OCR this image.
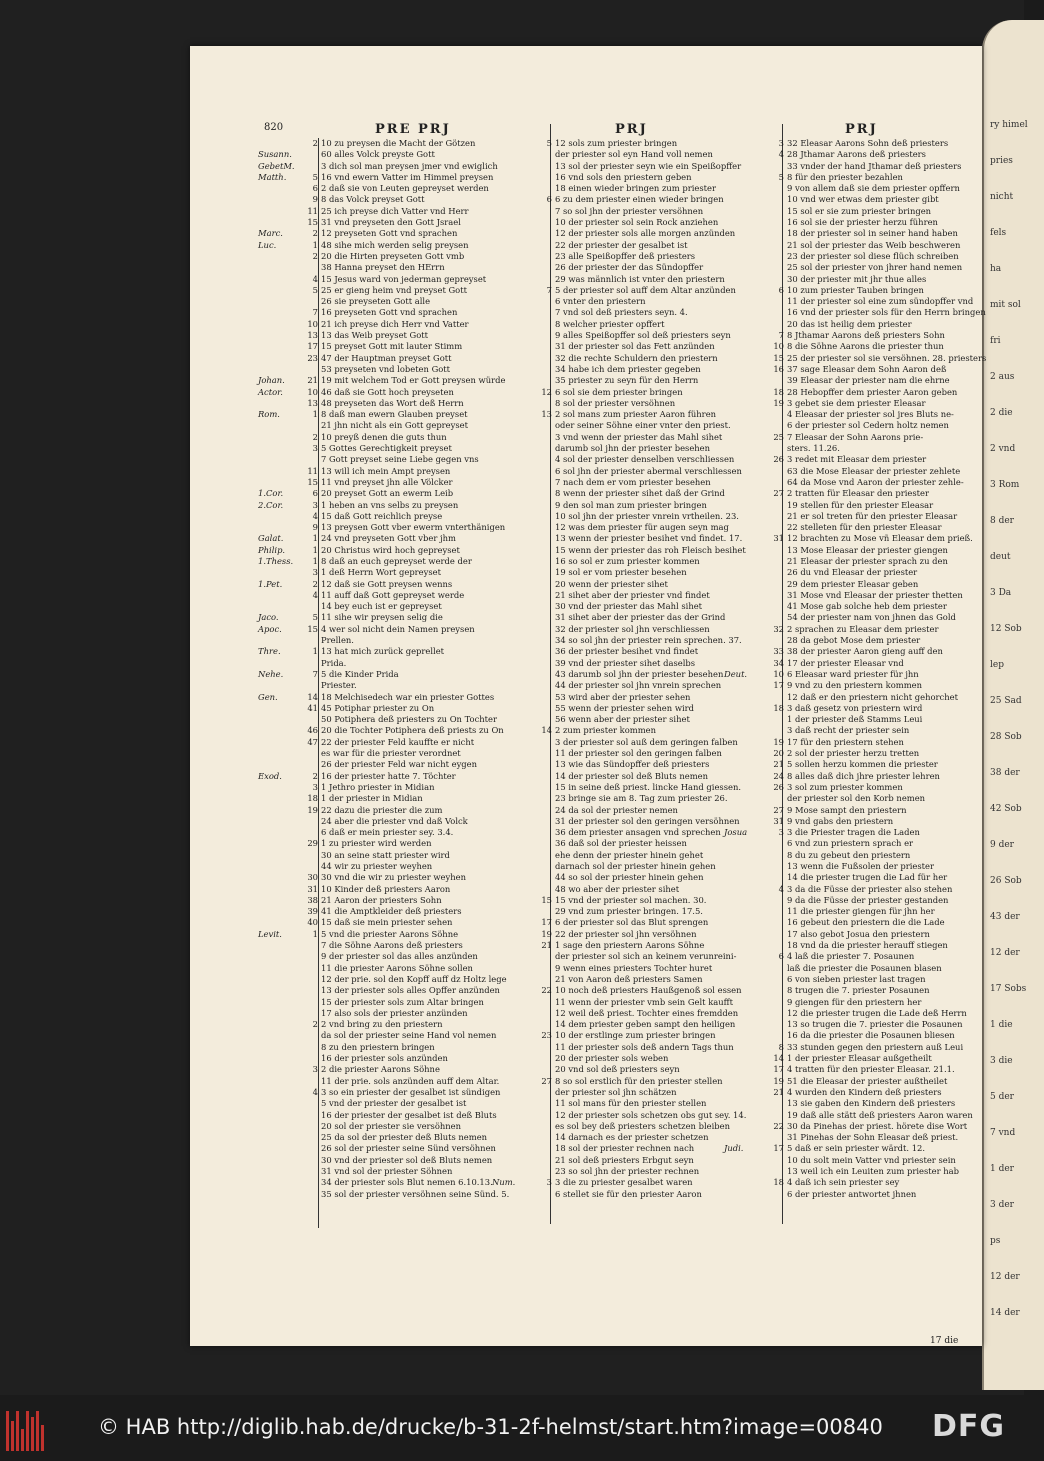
ry himel
pries
nicht
fels
ha
mit sol
fri
2 aus
2 die
2 vnd
3 Rom
8 der
deut
3 Da
12 Sob
lep
25 Sad
28 Sob
38 der
42 Sob
9 der
26 Sob
43 der
12 der
17 Sobs
1 die
3 die
5 der
7 vnd
1 der
3 der
ps
12 der
14 der
820	PRE PRJ	PRJ	PRJ
2 10 zu preysen die Macht der Götzen
Susann.	60 alles Volck preyste Gott
GebetM.	3 dich sol man preysen jmer vnd ewiglich
Matth.	5 16 vnd ewern Vatter im Himmel preysen
6 2 daß sie von Leuten gepreyset werden
9 8 das Volck preyset Gott
11 25 ich preyse dich Vatter vnd Herr
15 31 vnd preyseten den Gott Jsrael
Marc.	2 12 preyseten Gott vnd sprachen
Luc.	1 48 sihe mich werden selig preysen
2 20 die Hirten preyseten Gott vmb
38 Hanna preyset den HErrn
4 15 Jesus ward von jederman gepreyset
5 25 er gieng heim vnd preyset Gott
26 sie preyseten Gott alle
7 16 preyseten Gott vnd sprachen
10 21 ich preyse dich Herr vnd Vatter
13 13 das Weib preyset Gott
17 15 preyset Gott mit lauter Stimm
23 47 der Hauptman preyset Gott
53 preyseten vnd lobeten Gott
Johan.	21 19 mit welchem Tod er Gott preysen würde
Actor.	10 46 daß sie Gott hoch preyseten
13 48 preyseten das Wort deß Herrn
Rom.	1 8 daß man ewern Glauben preyset
21 jhn nicht als ein Gott gepreyset
2 10 preyß denen die guts thun
3 5 Gottes Gerechtigkeit preyset
7 Gott preyset seine Liebe gegen vns
11 13 will ich mein Ampt preysen
15 11 vnd preyset jhn alle Völcker
1.Cor.	6 20 preyset Gott an ewerm Leib
2.Cor.	3 1 heben an vns selbs zu preysen
4 15 daß Gott reichlich preyse
9 13 preysen Gott vber ewerm vnterthänigen
Galat.	1 24 vnd preyseten Gott vber jhm
Philip.	1 20 Christus wird hoch gepreyset
1.Thess.	1 8 daß an euch gepreyset werde der
3 1 deß Herrn Wort gepreyset
1.Pet.	2 12 daß sie Gott preysen wenns
4 11 auff daß Gott gepreyset werde
14 bey euch ist er gepreyset
Jaco.	5 11 sihe wir preysen selig die
Apoc.	15 4 wer sol nicht dein Namen preysen
Prellen.
Thre.	1 13 hat mich zurück geprellet
Prida.
Nehe.	7 5 die Kinder Prida
Priester.
Gen.	14 18 Melchisedech war ein priester Gottes
41 45 Potiphar priester zu On
50 Potiphera deß priesters zu On Tochter
46 20 die Tochter Potiphera deß priests zu On
47 22 der priester Feld kauffte er nicht
es war für die priester verordnet
26 der priester Feld war nicht eygen
Exod.	2 16 der priester hatte 7. Töchter
3 1 Jethro priester in Midian
18 1 der priester in Midian
19 22 dazu die priester die zum
24 aber die priester vnd daß Volck
6 daß er mein priester sey. 3.4.
29 1 zu priester wird werden
30 an seine statt priester wird
44 wir zu priester weyhen
30 30 vnd die wir zu priester weyhen
31 10 Kinder deß priesters Aaron
38 21 Aaron der priesters Sohn
39 41 die Amptkleider deß priesters
40 15 daß sie mein priester sehen
Levit.	1 5 vnd die priester Aarons Söhne
7 die Söhne Aarons deß priesters
9 der priester sol das alles anzünden
11 die priester Aarons Söhne sollen
12 der prie. sol den Kopff auff dz Holtz lege
13 der priester sols alles Opffer anzünden
15 der priester sols zum Altar bringen
17 also sols der priester anzünden
2 2 vnd bring zu den priestern
da sol der priester seine Hand vol nemen
8 zu den priestern bringen
16 der priester sols anzünden
3 2 die priester Aarons Söhne
11 der prie. sols anzünden auff dem Altar.
4 3 so ein priester der gesalbet ist sündigen
5 vnd der priester der gesalbet ist
16 der priester der gesalbet ist deß Bluts
20 sol der priester sie versöhnen
25 da sol der priester deß Bluts nemen
26 sol der priester seine Sünd versöhnen
30 vnd der priester sol deß Bluts nemen
31 vnd sol der priester Söhnen
34 der priester sols Blut nemen 6.10.13.
35 sol der priester versöhnen seine Sünd. 5.
5 12 sols zum priester bringen
der priester sol eyn Hand voll nemen
13 sol der priester seyn wie ein Speißopffer
16 vnd sols den priestern geben
18 einen wieder bringen zum priester
6 6 zu dem priester einen wieder bringen
7 so sol jhn der priester versöhnen
10 der priester sol sein Rock anziehen
12 der priester sols alle morgen anzünden
22 der priester der gesalbet ist
23 alle Speißopffer deß priesters
26 der priester der das Sündopffer
29 was männlich ist vnter den priestern
7 5 der priester sol auff dem Altar anzünden
6 vnter den priestern
7 vnd sol deß priesters seyn. 4.
8 welcher priester opffert
9 alles Speißopffer sol deß priesters seyn
31 der priester sol das Fett anzünden
32 die rechte Schuldern den priestern
34 habe ich dem priester gegeben
35 priester zu seyn für den Herrn
12 6 sol sie dem priester bringen
8 sol der priester versöhnen
13 2 sol mans zum priester Aaron führen
oder seiner Söhne einer vnter den priest.
3 vnd wenn der priester das Mahl sihet
darumb sol jhn der priester besehen
4 sol der priester denselben verschliessen
6 sol jhn der priester abermal verschliessen
7 nach dem er vom priester besehen
8 wenn der priester sihet daß der Grind
9 den sol man zum priester bringen
10 sol jhn der priester vnrein vrtheilen. 23.
12 was dem priester für augen seyn mag
13 wenn der priester besihet vnd findet. 17.
15 wenn der priester das roh Fleisch besihet
16 so sol er zum priester kommen
19 sol er vom priester besehen
20 wenn der priester sihet
21 sihet aber der priester vnd findet
30 vnd der priester das Mahl sihet
31 sihet aber der priester das der Grind
32 der priester sol jhn verschliessen
34 so sol jhn der priester rein sprechen. 37.
36 der priester besihet vnd findet
39 vnd der priester sihet daselbs
43 darumb sol jhn der priester besehen
44 der priester sol jhn vnrein sprechen
53 wird aber der priester sehen
55 wenn der priester sehen wird
56 wenn aber der priester sihet
14 2 zum priester kommen
3 der priester sol auß dem geringen falben
11 der priester sol den geringen falben
13 wie das Sündopffer deß priesters
14 der priester sol deß Bluts nemen
15 in seine deß priest. lincke Hand giessen.
23 bringe sie am 8. Tag zum priester 26.
24 da sol der priester nemen
31 der priester sol den geringen versöhnen
36 dem priester ansagen vnd sprechen
36 daß sol der priester heissen
ehe denn der priester hinein gehet
darnach sol der priester hinein gehen
44 so sol der priester hinein gehen
48 wo aber der priester sihet
15 15 vnd der priester sol machen. 30.
29 vnd zum priester bringen. 17.5.
17 6 der priester sol das Blut sprengen
19 22 der priester sol jhn versöhnen
21 1 sage den priestern Aarons Söhne
der priester sol sich an keinem verunreini-
9 wenn eines priesters Tochter huret
21 von Aaron deß priesters Samen
22 10 noch deß priesters Haußgenoß sol essen
11 wenn der priester vmb sein Gelt kaufft
12 weil deß priest. Tochter eines fremdden
14 dem priester geben sampt den heiligen
23 10 der erstlinge zum priester bringen
11 der priester sols deß andern Tags thun
20 der priester sols weben
20 vnd sol deß priesters seyn
27 8 so sol erstlich für den priester stellen
der priester sol jhn schätzen
11 sol mans für den priester stellen
12 der priester sols schetzen obs gut sey. 14.
es sol bey deß priesters schetzen bleiben
14 darnach es der priester schetzen
18 sol der priester rechnen nach
21 sol deß priesters Erbgut seyn
23 so sol jhn der priester rechnen
Num.	3 3 die zu priester gesalbet waren
6 stellet sie für den priester Aaron
3 32 Eleasar Aarons Sohn deß priesters
4 28 Jthamar Aarons deß priesters
33 vnder der hand Jthamar deß priesters
5 8 für den priester bezahlen
9 von allem daß sie dem priester opffern
10 vnd wer etwas dem priester gibt
15 sol er sie zum priester bringen
16 sol sie der priester herzu führen
18 der priester sol in seiner hand haben
21 sol der priester das Weib beschweren
23 der priester sol diese flüch schreiben
25 sol der priester von jhrer hand nemen
30 der priester mit jhr thue alles
6 10 zum priester Tauben bringen
11 der priester sol eine zum sündopffer vnd
16 vnd der priester sols für den Herrn bringen
20 das ist heilig dem priester
7 8 Jthamar Aarons deß priesters Sohn
10 8 die Söhne Aarons die priester thun
15 25 der priester sol sie versöhnen. 28. priesters
16 37 sage Eleasar dem Sohn Aaron deß
39 Eleasar der priester nam die ehrne
18 28 Hebopffer dem priester Aaron geben
19 3 gebet sie dem priester Eleasar
4 Eleasar der priester sol jres Bluts ne-
6 der priester sol Cedern holtz nemen
25 7 Eleasar der Sohn Aarons prie-
sters. 11.26.
26 3 redet mit Eleasar dem priester
63 die Mose Eleasar der priester zehlete
64 da Mose vnd Aaron der priester zehle-
27 2 tratten für Eleasar den priester
19 stellen für den priester Eleasar
21 er sol treten für den priester Eleasar
22 stelleten für den priester Eleasar
31 12 brachten zu Mose vñ Eleasar dem prieß.
13 Mose Eleasar der priester giengen
21 Eleasar der priester sprach zu den
26 du vnd Eleasar der priester
29 dem priester Eleasar geben
31 Mose vnd Eleasar der priester thetten
41 Mose gab solche heb dem priester
54 der priester nam von jhnen das Gold
32 2 sprachen zu Eleasar dem priester
28 da gebot Mose dem priester
33 38 der priester Aaron gieng auff den
34 17 der priester Eleasar vnd
Deut.	10 6 Eleasar ward priester für jhn
17 9 vnd zu den priestern kommen
12 daß er den priestern nicht gehorchet
18 3 daß gesetz von priestern wird
1 der priester deß Stamms Leui
3 daß recht der priester sein
19 17 für den priestern stehen
20 2 sol der priester herzu tretten
21 5 sollen herzu kommen die priester
24 8 alles daß dich jhre priester lehren
26 3 sol zum priester kommen
der priester sol den Korb nemen
27 9 Mose sampt den priestern
31 9 vnd gabs den priestern
Josua	3 3 die Priester tragen die Laden
6 vnd zun priestern sprach er
8 du zu gebeut den priestern
13 wenn die Fußsolen der priester
14 die priester trugen die Lad für her
4 3 da die Füsse der priester also stehen
9 da die Füsse der priester gestanden
11 die priester giengen für jhn her
16 gebeut den priestern die die Lade
17 also gebot Josua den priestern
18 vnd da die priester herauff stiegen
6 4 laß die priester 7. Posaunen
laß die priester die Posaunen blasen
6 von sieben priester last tragen
8 trugen die 7. priester Posaunen
9 giengen für den priestern her
12 die priester trugen die Lade deß Herrn
13 so trugen die 7. priester die Posaunen
16 da die priester die Posaunen bliesen
8 33 stunden gegen den priestern auß Leui
14 1 der priester Eleasar außgetheilt
17 4 tratten für den priester Eleasar. 21.1.
19 51 die Eleasar der priester außtheilet
21 4 wurden den Kindern deß priesters
13 sie gaben den Kindern deß priesters
19 daß alle stätt deß priesters Aaron waren
22 30 da Pinehas der priest. hörete dise Wort
31 Pinehas der Sohn Eleasar deß priest.
Judi.	17 5 daß er sein priester wärdt. 12.
10 du solt mein Vatter vnd priester sein
13 weil ich ein Leuiten zum priester hab
18 4 daß ich sein priester sey
6 der priester antwortet jhnen
17 die
© HAB http://diglib.hab.de/drucke/b-31-2f-helmst/start.htm?image=00840 DFG
